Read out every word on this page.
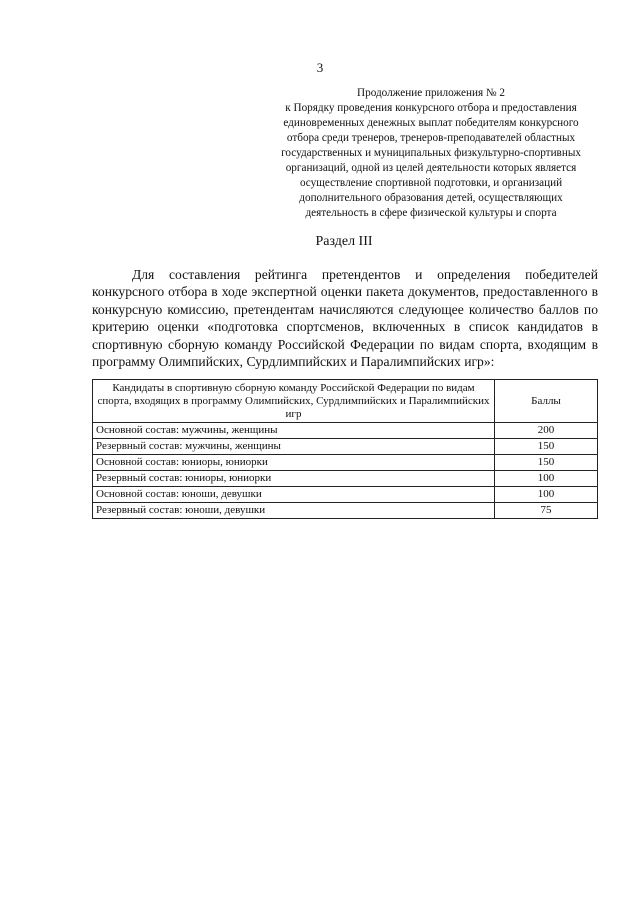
3
Продолжение приложения № 2
к Порядку проведения конкурсного отбора и предоставления
единовременных денежных выплат победителям конкурсного
отбора среди тренеров, тренеров-преподавателей областных
государственных и муниципальных физкультурно-спортивных
организаций, одной из целей деятельности которых является
осуществление спортивной подготовки, и организаций
дополнительного образования детей, осуществляющих
деятельность в сфере физической культуры и спорта
Раздел III

Для составления рейтинга претендентов и определения победителей конкурсного отбора в ходе экспертной оценки пакета документов, предоставленного в конкурсную комиссию, претендентам начисляются следующее количество баллов по критерию оценки «подготовка спортсменов, включенных в список кандидатов в спортивную сборную команду Российской Федерации по видам спорта, входящим в программу Олимпийских, Сурдлимпийских и Паралимпийских игр»:

Кандидаты в спортивную сборную команду Российской Федерации по видам спорта, входящих в программу Олимпийских, Сурдлимпийских и Паралимпийских игр	Баллы
Основной состав: мужчины, женщины	200
Резервный состав: мужчины, женщины	150
Основной состав: юниоры, юниорки	150
Резервный состав: юниоры, юниорки	100
Основной состав: юноши, девушки	100
Резервный состав: юноши, девушки	75
